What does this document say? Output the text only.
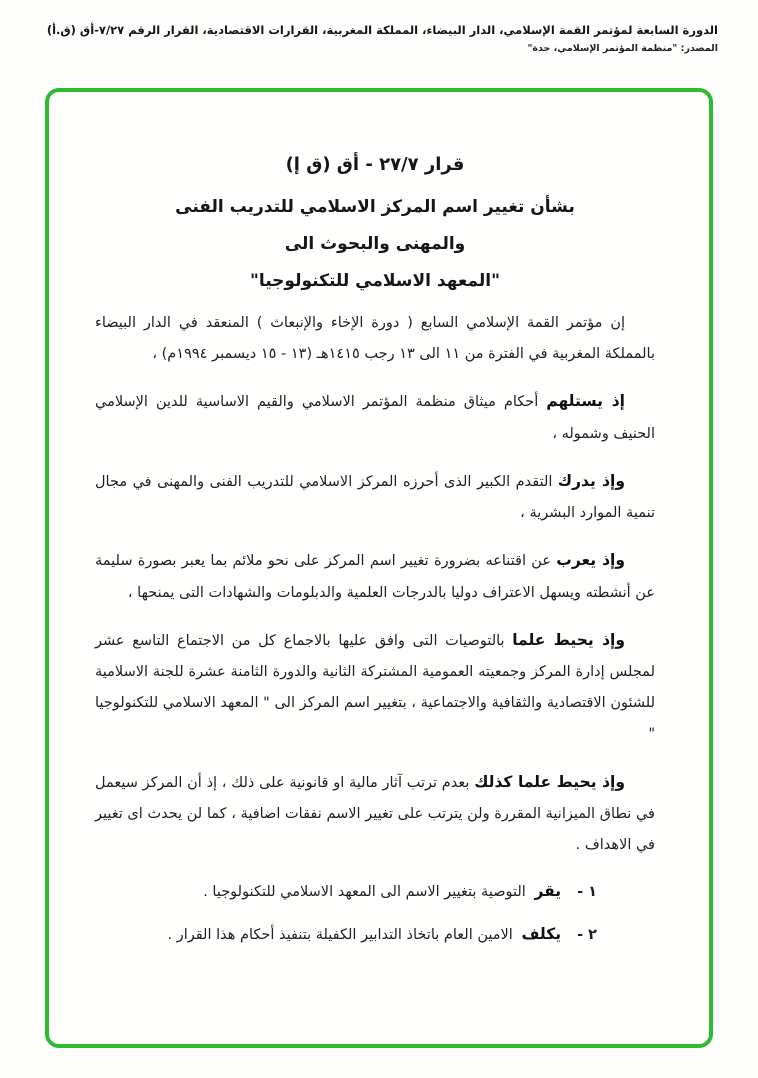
الدورة السابعة لمؤتمر القمة الإسلامي، الدار البيضاء، المملكة المغربية، القرارات الاقتصادية، القرار الرقم ٧/٢٧-أق (ق.أ)
المصدر: "منظمة المؤتمر الإسلامي، جدة"
قرار ٢٧/٧ - أق (ق إ)
بشأن تغيير اسم المركز الاسلامي للتدريب الفنى
والمهنى والبحوث الى
"المعهد الاسلامي للتكنولوجيا"
إن مؤتمر القمة الإسلامي السابع ( دورة الإخاء والإنبعاث ) المنعقد في الدار البيضاء بالمملكة المغربية في الفترة من ١١ الى ١٣ رجب ١٤١٥هـ (١٣ - ١٥ ديسمبر ١٩٩٤م) ،
إذ يستلهم أحكام ميثاق منظمة المؤتمر الاسلامي والقيم الاساسية للدين الإسلامي الحنيف وشموله ،
وإذ يدرك التقدم الكبير الذى أحرزه المركز الاسلامي للتدريب الفنى والمهنى في مجال تنمية الموارد البشرية ،
وإذ يعرب عن اقتناعه بضرورة تغيير اسم المركز على نحو ملائم بما يعبر بصورة سليمة عن أنشطته ويسهل الاعتراف دوليا بالدرجات العلمية والدبلومات والشهادات التى يمنحها ،
وإذ يحيط علما بالتوصيات التى وافق عليها بالاجماع كل من الاجتماع التاسع عشر لمجلس إدارة المركز وجمعيته العمومية المشتركة الثانية والدورة الثامنة عشرة للجنة الاسلامية للشئون الاقتصادية والثقافية والاجتماعية ، بتغيير اسم المركز الى " المعهد الاسلامي للتكنولوجيا "
وإذ يحيط علما كذلك بعدم ترتب آثار مالية او قانونية على ذلك ، إذ أن المركز سيعمل في نطاق الميزانية المقررة ولن يترتب على تغيير الاسم نفقات اضافية ، كما لن يحدث اى تغيير في الاهداف .
١ -يقر التوصية بتغيير الاسم الى المعهد الاسلامي للتكنولوجيا .
٢ -يكلف الامين العام باتخاذ التدابير الكفيلة بتنفيذ أحكام هذا القرار .
